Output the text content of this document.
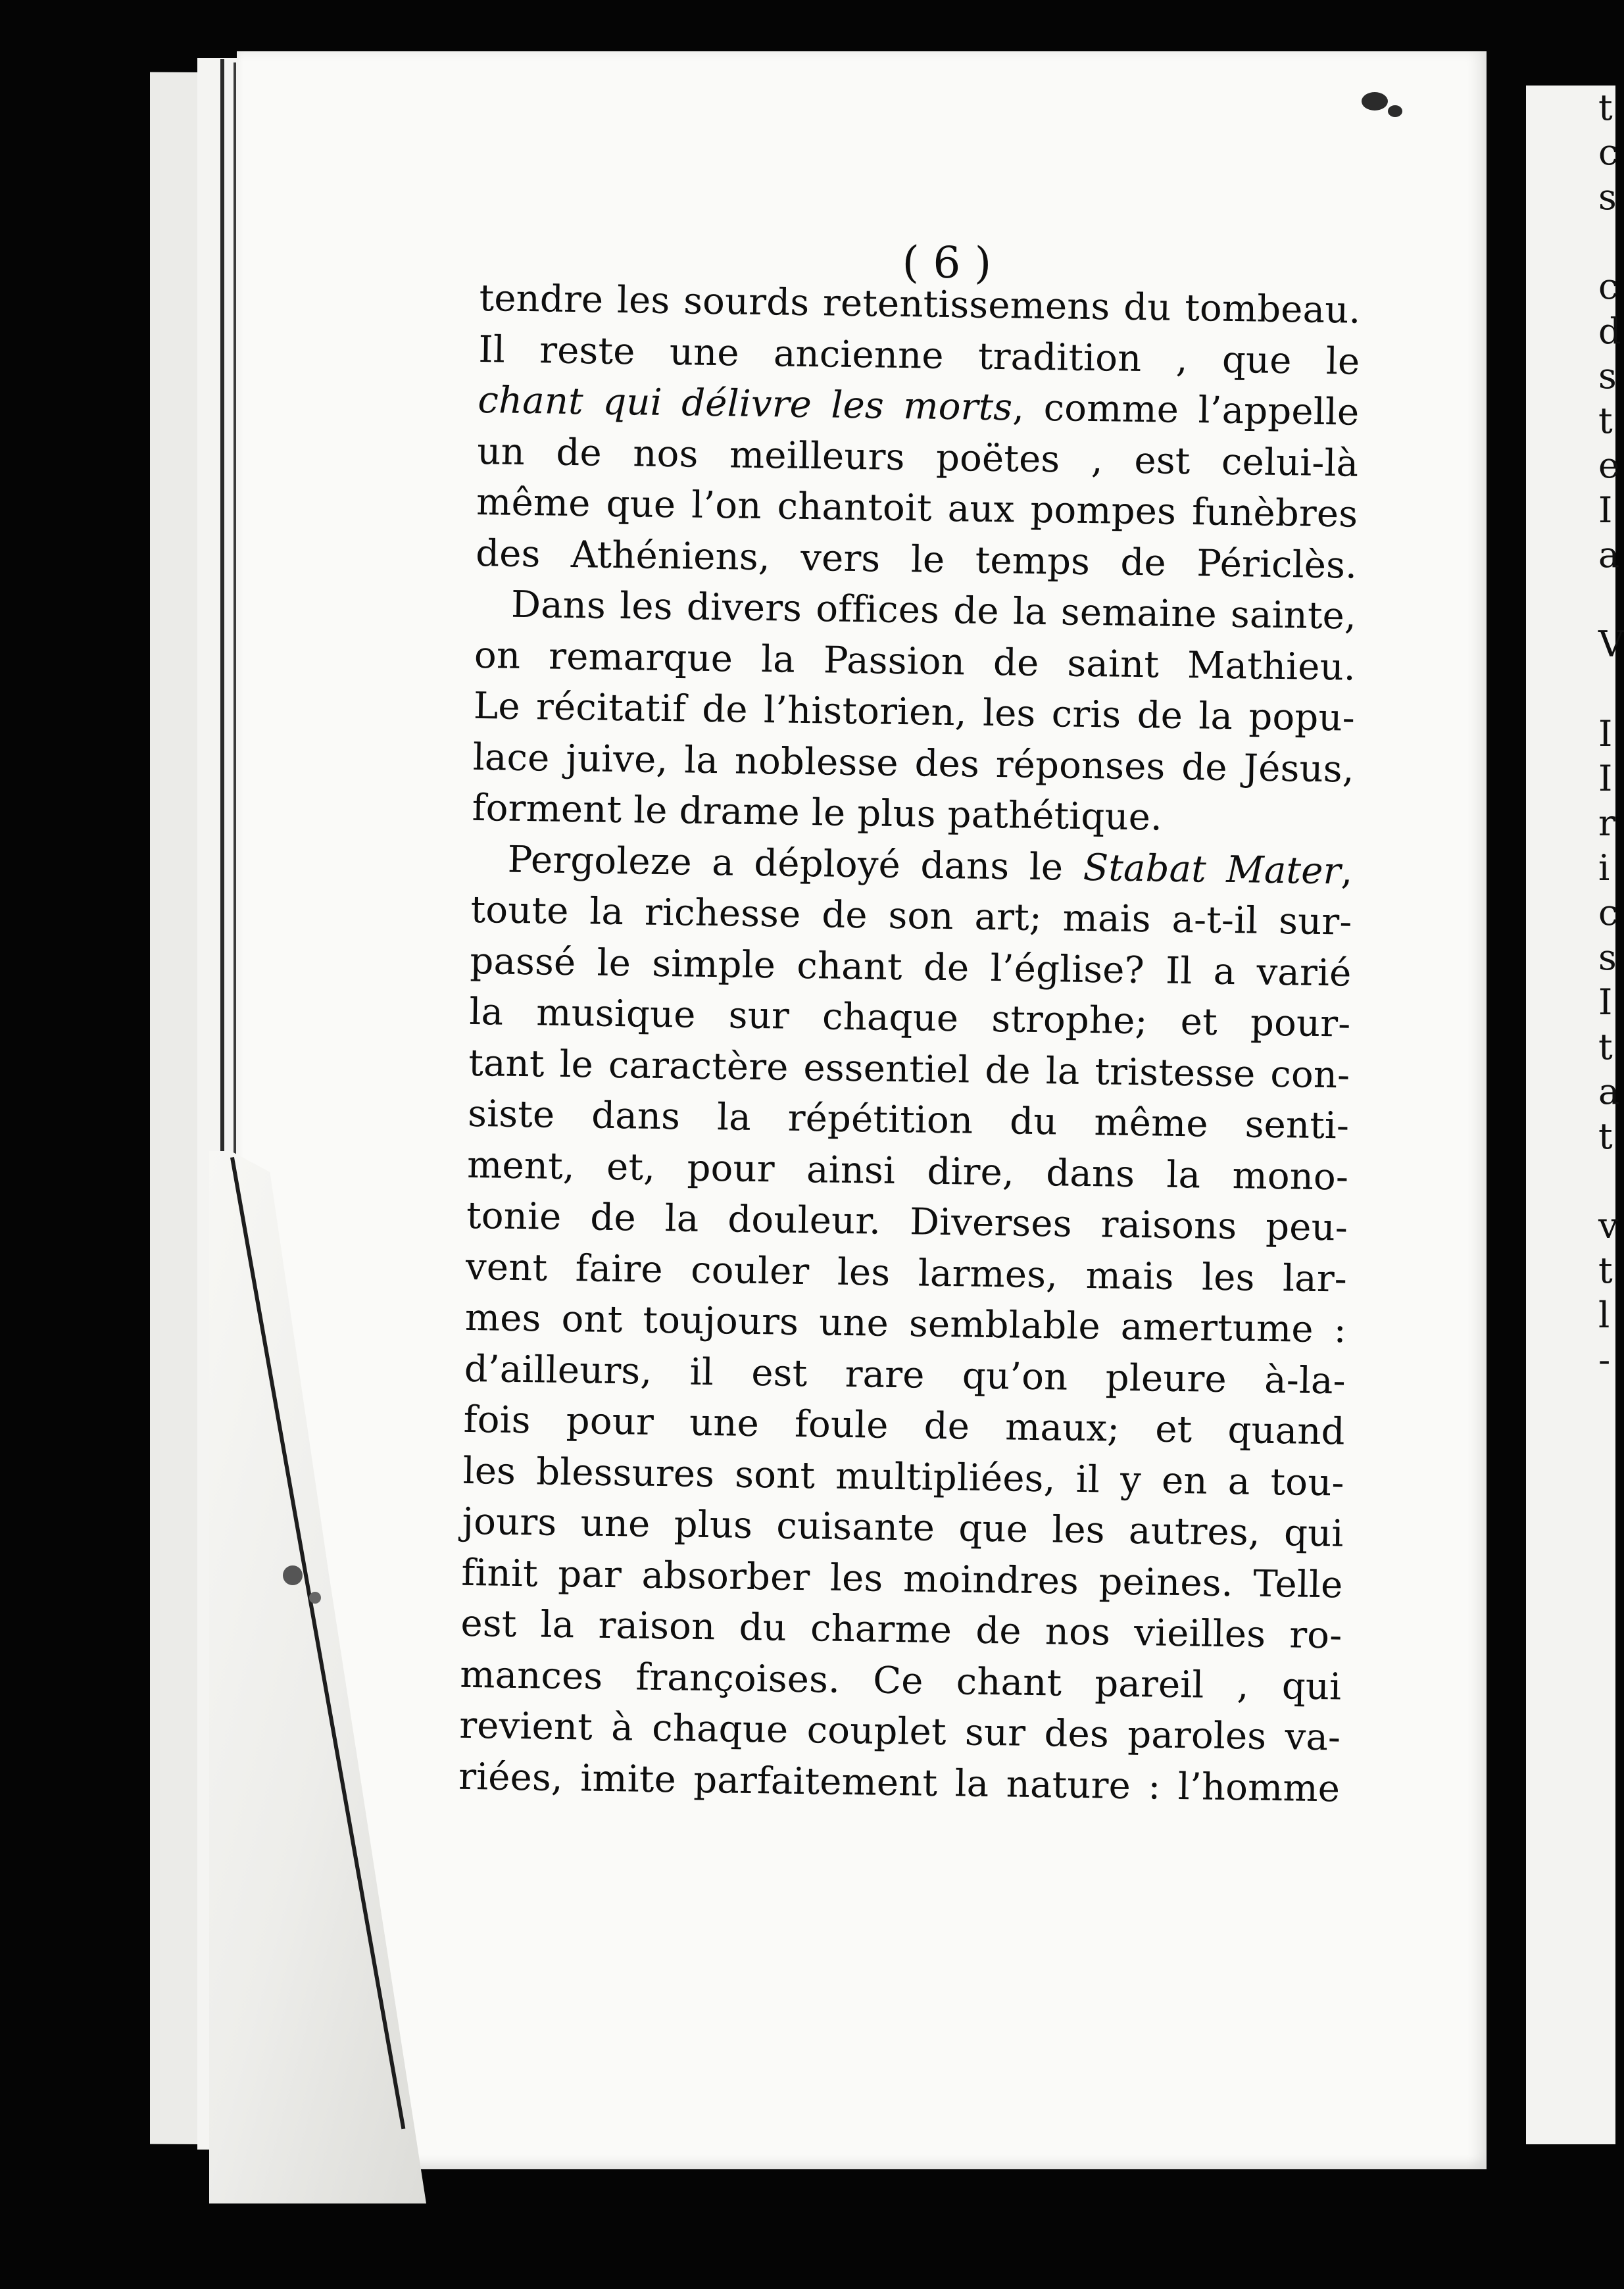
t
c
s
c
d
s
t
e
I
a
V
I
I
r
i
c
s
I
t
a
t
v
t
l
-
( 6 )
tendre les sourds retentissemens du tombeau.
Il reste une ancienne tradition , que le
chant qui délivre les morts, comme l’appelle
un de nos meilleurs poëtes , est celui-là
même que l’on chantoit aux pompes funèbres
des Athéniens, vers le temps de Périclès.
Dans les divers offices de la semaine sainte,
on remarque la Passion de saint Mathieu.
Le récitatif de l’historien, les cris de la popu-
lace juive, la noblesse des réponses de Jésus,
forment le drame le plus pathétique.
Pergoleze a déployé dans le Stabat Mater,
toute la richesse de son art; mais a-t-il sur-
passé le simple chant de l’église? Il a varié
la musique sur chaque strophe; et pour-
tant le caractère essentiel de la tristesse con-
siste dans la répétition du même senti-
ment, et, pour ainsi dire, dans la mono-
tonie de la douleur. Diverses raisons peu-
vent faire couler les larmes, mais les lar-
mes ont toujours une semblable amertume :
d’ailleurs, il est rare qu’on pleure à-la-
fois pour une foule de maux; et quand
les blessures sont multipliées, il y en a tou-
jours une plus cuisante que les autres, qui
finit par absorber les moindres peines. Telle
est la raison du charme de nos vieilles ro-
mances françoises. Ce chant pareil , qui
revient à chaque couplet sur des paroles va-
riées, imite parfaitement la nature : l’homme
